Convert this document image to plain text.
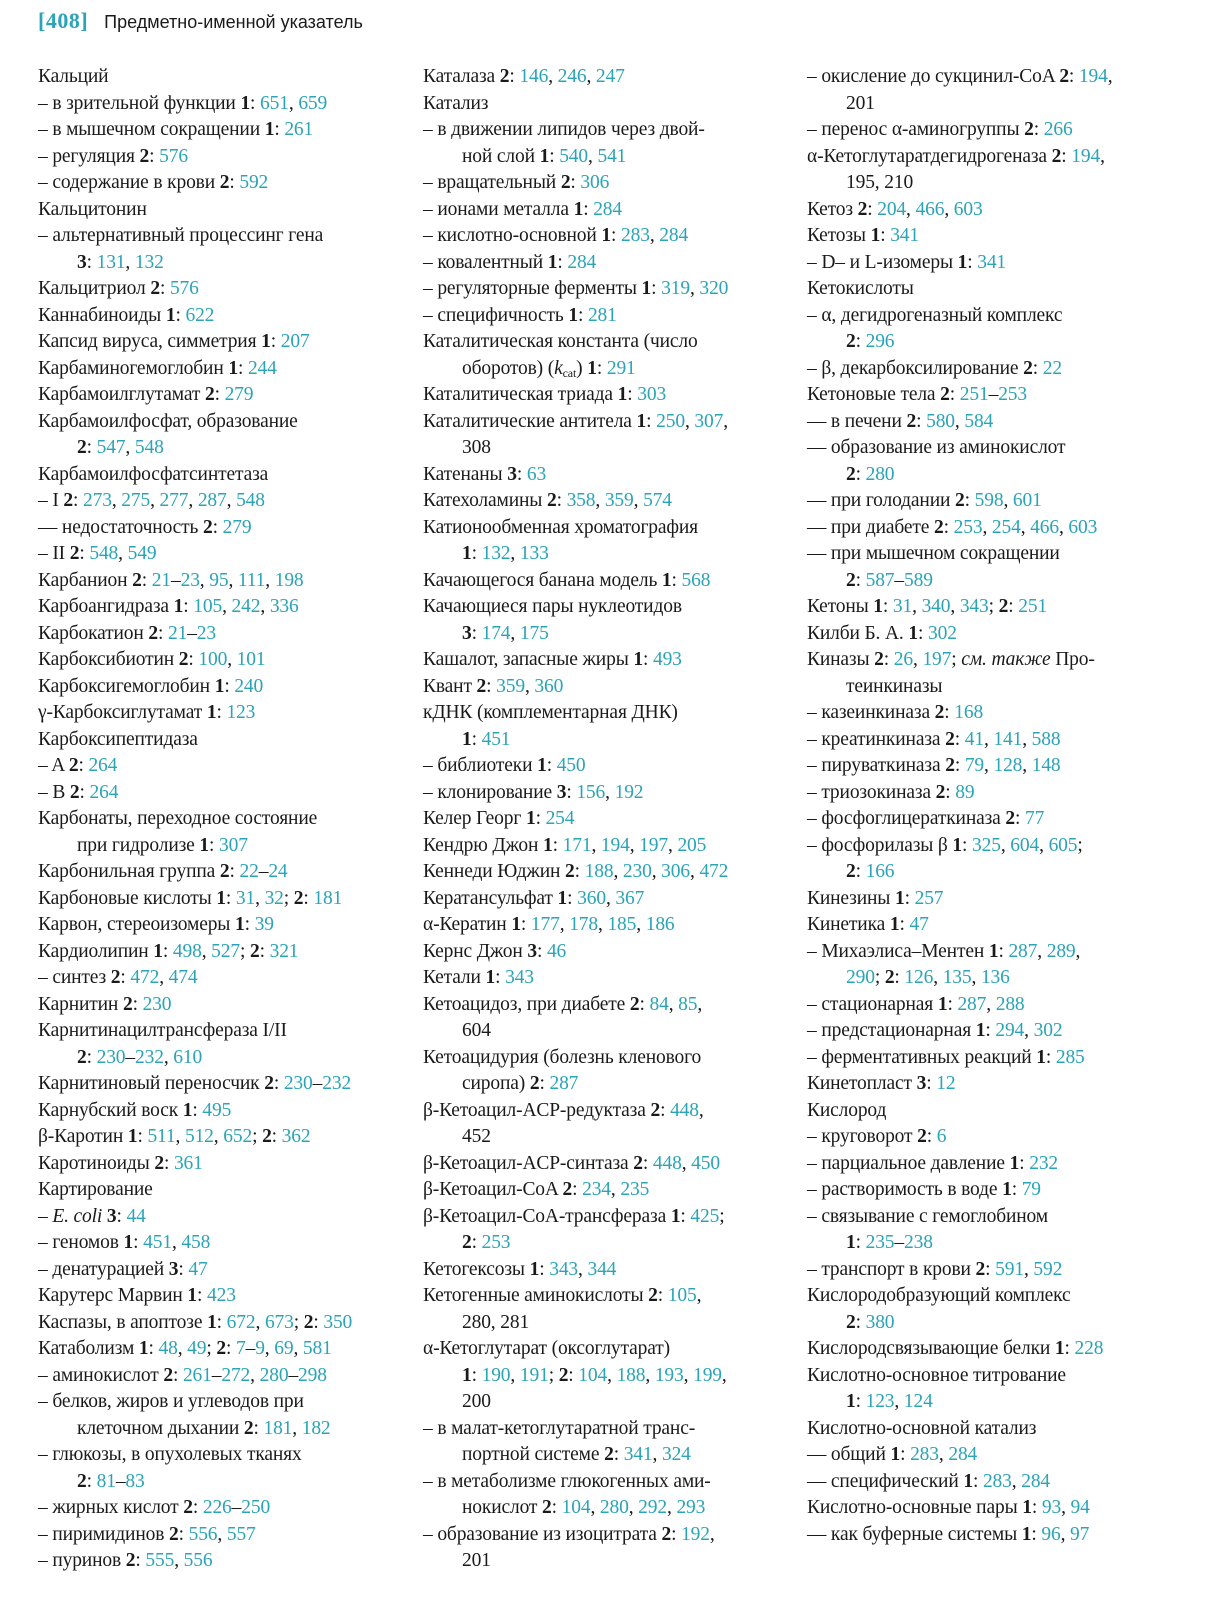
[408] Предметно-именной указатель
Кальций
– в зрительной функции 1: 651, 659
– в мышечном сокращении 1: 261
– регуляция 2: 576
– содержание в крови 2: 592
Кальцитонин
– альтернативный процессинг гена
3: 131, 132
Кальцитриол 2: 576
Каннабиноиды 1: 622
Капсид вируса, симметрия 1: 207
Карбаминогемоглобин 1: 244
Карбамоилглутамат 2: 279
Карбамоилфосфат, образование
2: 547, 548
Карбамоилфосфатсинтетаза
– I 2: 273, 275, 277, 287, 548
–– недостаточность 2: 279
– II 2: 548, 549
Карбанион 2: 21–23, 95, 111, 198
Карбоангидраза 1: 105, 242, 336
Карбокатион 2: 21–23
Карбоксибиотин 2: 100, 101
Карбоксигемоглобин 1: 240
γ-Карбоксиглутамат 1: 123
Карбоксипептидаза
– A 2: 264
– B 2: 264
Карбонаты, переходное состояние
при гидролизе 1: 307
Карбонильная группа 2: 22–24
Карбоновые кислоты 1: 31, 32; 2: 181
Карвон, стереоизомеры 1: 39
Кардиолипин 1: 498, 527; 2: 321
– синтез 2: 472, 474
Карнитин 2: 230
Карнитинацилтрансфераза I/II
2: 230–232, 610
Карнитиновый переносчик 2: 230–232
Карнубский воск 1: 495
β-Каротин 1: 511, 512, 652; 2: 362
Каротиноиды 2: 361
Картирование
– E. coli 3: 44
– геномов 1: 451, 458
– денатурацией 3: 47
Карутерс Марвин 1: 423
Каспазы, в апоптозе 1: 672, 673; 2: 350
Катаболизм 1: 48, 49; 2: 7–9, 69, 581
– аминокислот 2: 261–272, 280–298
– белков, жиров и углеводов при
клеточном дыхании 2: 181, 182
– глюкозы, в опухолевых тканях
2: 81–83
– жирных кислот 2: 226–250
– пиримидинов 2: 556, 557
– пуринов 2: 555, 556
Каталаза 2: 146, 246, 247
Катализ
– в движении липидов через двой-
ной слой 1: 540, 541
– вращательный 2: 306
– ионами металла 1: 284
– кислотно-основной 1: 283, 284
– ковалентный 1: 284
– регуляторные ферменты 1: 319, 320
– специфичность 1: 281
Каталитическая константа (число
оборотов) $(k_{cat})$ 1: 291
Каталитическая триада 1: 303
Каталитические антитела 1: 250, 307,
308
Катенаны 3: 63
Катехоламины 2: 358, 359, 574
Катионообменная хроматография
1: 132, 133
Качающегося банана модель 1: 568
Качающиеся пары нуклеотидов
3: 174, 175
Кашалот, запасные жиры 1: 493
Квант 2: 359, 360
кДНК (комплементарная ДНК)
1: 451
– библиотеки 1: 450
– клонирование 3: 156, 192
Келер Георг 1: 254
Кендрю Джон 1: 171, 194, 197, 205
Кеннеди Юджин 2: 188, 230, 306, 472
Кератансульфат 1: 360, 367
α-Кератин 1: 177, 178, 185, 186
Кернс Джон 3: 46
Кетали 1: 343
Кетоацидоз, при диабете 2: 84, 85,
604
Кетоацидурия (болезнь кленового
сиропа) 2: 287
β-Кетоацил-ACP-редуктаза 2: 448,
452
β-Кетоацил-ACP-синтаза 2: 448, 450
β-Кетоацил-CoA 2: 234, 235
β-Кетоацил-CoA-трансфераза 1: 425;
2: 253
Кетогексозы 1: 343, 344
Кетогенные аминокислоты 2: 105,
280, 281
α-Кетоглутарат (оксоглутарат)
1: 190, 191; 2: 104, 188, 193, 199,
200
– в малат-кетоглутаратной транс-
портной системе 2: 341, 324
– в метаболизме глюкогенных ами-
нокислот 2: 104, 280, 292, 293
– образование из изоцитрата 2: 192,
201
– окисление до сукцинил-CoA 2: 194,
201
– перенос α-аминогруппы 2: 266
α-Кетоглутаратдегидрогеназа 2: 194,
195, 210
Кетоз 2: 204, 466, 603
Кетозы 1: 341
– D– и L-изомеры 1: 341
Кетокислоты
– α, дегидрогеназный комплекс
2: 296
– β, декарбоксилирование 2: 22
Кетоновые тела 2: 251–253
–– в печени 2: 580, 584
–– образование из аминокислот
2: 280
–– при голодании 2: 598, 601
–– при диабете 2: 253, 254, 466, 603
–– при мышечном сокращении
2: 587–589
Кетоны 1: 31, 340, 343; 2: 251
Килби Б. А. 1: 302
Киназы 2: 26, 197; см. также Про-
теинкиназы
– казеинкиназа 2: 168
– креатинкиназа 2: 41, 141, 588
– пируваткиназа 2: 79, 128, 148
– триозокиназа 2: 89
– фосфоглицераткиназа 2: 77
– фосфорилазы β 1: 325, 604, 605;
2: 166
Кинезины 1: 257
Кинетика 1: 47
– Михаэлиса–Ментен 1: 287, 289,
290; 2: 126, 135, 136
– стационарная 1: 287, 288
– предстационарная 1: 294, 302
– ферментативных реакций 1: 285
Кинетопласт 3: 12
Кислород
– круговорот 2: 6
– парциальное давление 1: 232
– растворимость в воде 1: 79
– связывание с гемоглобином
1: 235–238
– транспорт в крови 2: 591, 592
Кислородобразующий комплекс
2: 380
Кислородсвязывающие белки 1: 228
Кислотно-основное титрование
1: 123, 124
Кислотно-основной катализ
–– общий 1: 283, 284
–– специфический 1: 283, 284
Кислотно-основные пары 1: 93, 94
–– как буферные системы 1: 96, 97
